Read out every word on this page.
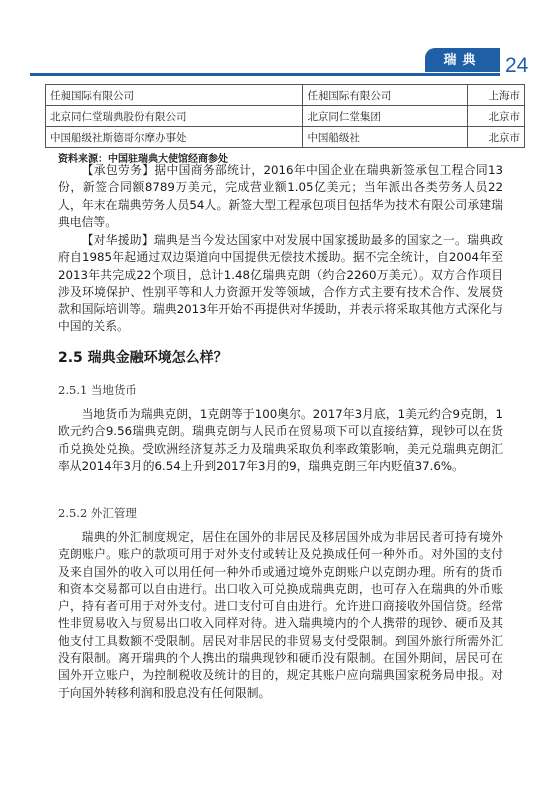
瑞典	24
任昶国际有限公司	任昶国际有限公司	上海市
北京同仁堂瑞典股份有限公司	北京同仁堂集团	北京市
中国船级社斯德哥尔摩办事处	中国船级社	北京市
资料来源：中国驻瑞典大使馆经商参处

【承包劳务】据中国商务部统计，2016年中国企业在瑞典新签承包工程合同13份，新签合同额8789万美元，完成营业额1.05亿美元；当年派出各类劳务人员22人，年末在瑞典劳务人员54人。新签大型工程承包项目包括华为技术有限公司承建瑞典电信等。

【对华援助】瑞典是当今发达国家中对发展中国家援助最多的国家之一。瑞典政府自1985年起通过双边渠道向中国提供无偿技术援助。据不完全统计，自2004年至2013年共完成22个项目，总计1.48亿瑞典克朗（约合2260万美元）。双方合作项目涉及环境保护、性别平等和人力资源开发等领域，合作方式主要有技术合作、发展贷款和国际培训等。瑞典2013年开始不再提供对华援助，并表示将采取其他方式深化与中国的关系。

2.5 瑞典金融环境怎么样？
2.5.1 当地货币

当地货币为瑞典克朗，1克朗等于100奥尔。2017年3月底，1美元约合9克朗，1欧元约合9.56瑞典克朗。瑞典克朗与人民币在贸易项下可以直接结算，现钞可以在货币兑换处兑换。受欧洲经济复苏乏力及瑞典采取负利率政策影响，美元兑瑞典克朗汇率从2014年3月的6.54上升到2017年3月的9，瑞典克朗三年内贬值37.6%。

2.5.2 外汇管理

瑞典的外汇制度规定，居住在国外的非居民及移居国外成为非居民者可持有境外克朗账户。账户的款项可用于对外支付或转让及兑换成任何一种外币。对外国的支付及来自国外的收入可以用任何一种外币或通过境外克朗账户以克朗办理。所有的货币和资本交易都可以自由进行。出口收入可兑换成瑞典克朗，也可存入在瑞典的外币账户，持有者可用于对外支付。进口支付可自由进行。允许进口商接收外国信贷。经常性非贸易收入与贸易出口收入同样对待。进入瑞典境内的个人携带的现钞、硬币及其他支付工具数额不受限制。居民对非居民的非贸易支付受限制。到国外旅行所需外汇没有限制。离开瑞典的个人携出的瑞典现钞和硬币没有限制。在国外期间，居民可在国外开立账户，为控制税收及统计的目的，规定其账户应向瑞典国家税务局申报。对于向国外转移利润和股息没有任何限制。
